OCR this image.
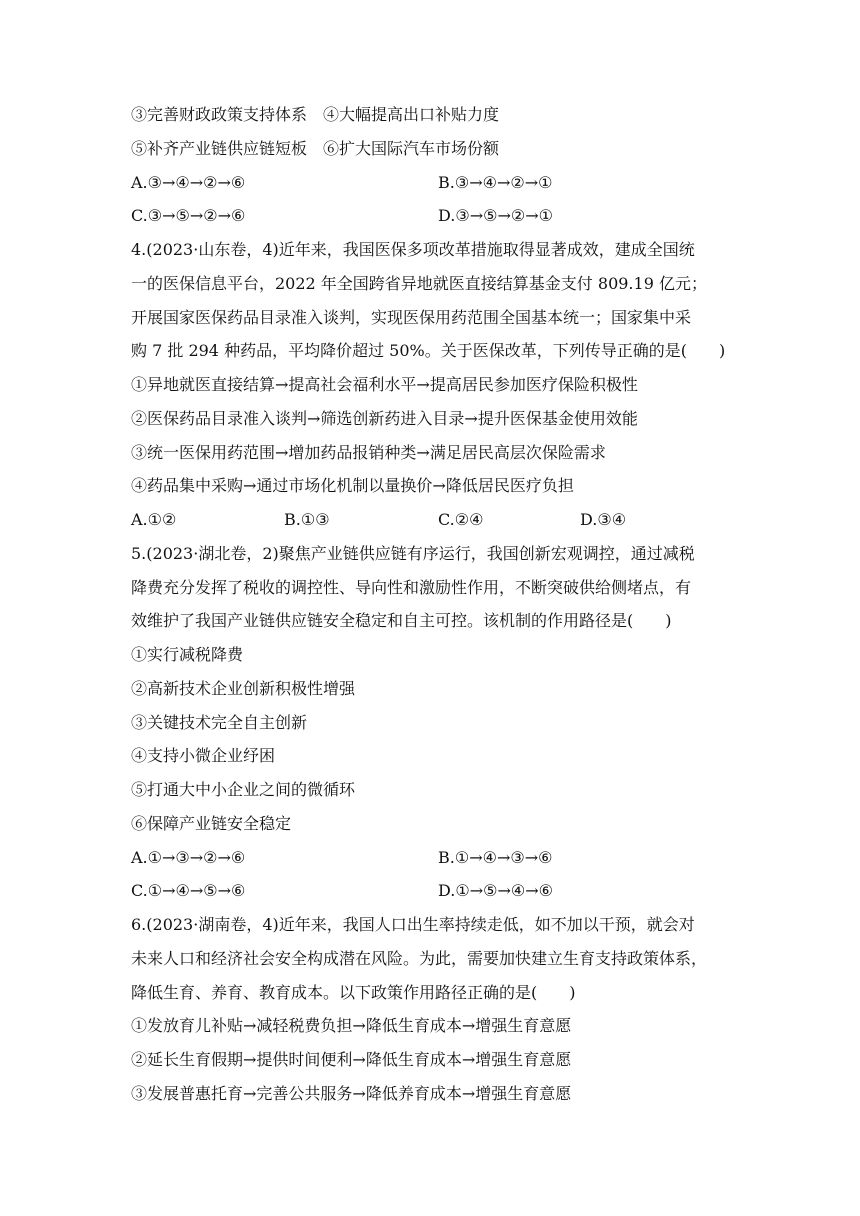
③完善财政政策支持体系　④大幅提高出口补贴力度
⑤补齐产业链供应链短板　⑥扩大国际汽车市场份额
A.③→④→②→⑥	B.③→④→②→①
C.③→⑤→②→⑥	D.③→⑤→②→①
4.(2023·山东卷，4)近年来，我国医保多项改革措施取得显著成效，建成全国统
一的医保信息平台，2022 年全国跨省异地就医直接结算基金支付 809.19 亿元；
开展国家医保药品目录准入谈判，实现医保用药范围全国基本统一；国家集中采
购 7 批 294 种药品，平均降价超过 50%。关于医保改革，下列传导正确的是(　　)
①异地就医直接结算→提高社会福利水平→提高居民参加医疗保险积极性
②医保药品目录准入谈判→筛选创新药进入目录→提升医保基金使用效能
③统一医保用药范围→增加药品报销种类→满足居民高层次保险需求
④药品集中采购→通过市场化机制以量换价→降低居民医疗负担
A.①②	B.①③	C.②④	D.③④
5.(2023·湖北卷，2)聚焦产业链供应链有序运行，我国创新宏观调控，通过减税
降费充分发挥了税收的调控性、导向性和激励性作用，不断突破供给侧堵点，有
效维护了我国产业链供应链安全稳定和自主可控。该机制的作用路径是(　　)
①实行减税降费
②高新技术企业创新积极性增强
③关键技术完全自主创新
④支持小微企业纾困
⑤打通大中小企业之间的微循环
⑥保障产业链安全稳定
A.①→③→②→⑥	B.①→④→③→⑥
C.①→④→⑤→⑥	D.①→⑤→④→⑥
6.(2023·湖南卷，4)近年来，我国人口出生率持续走低，如不加以干预，就会对
未来人口和经济社会安全构成潜在风险。为此，需要加快建立生育支持政策体系，
降低生育、养育、教育成本。以下政策作用路径正确的是(　　)
①发放育儿补贴→减轻税费负担→降低生育成本→增强生育意愿
②延长生育假期→提供时间便利→降低生育成本→增强生育意愿
③发展普惠托育→完善公共服务→降低养育成本→增强生育意愿
